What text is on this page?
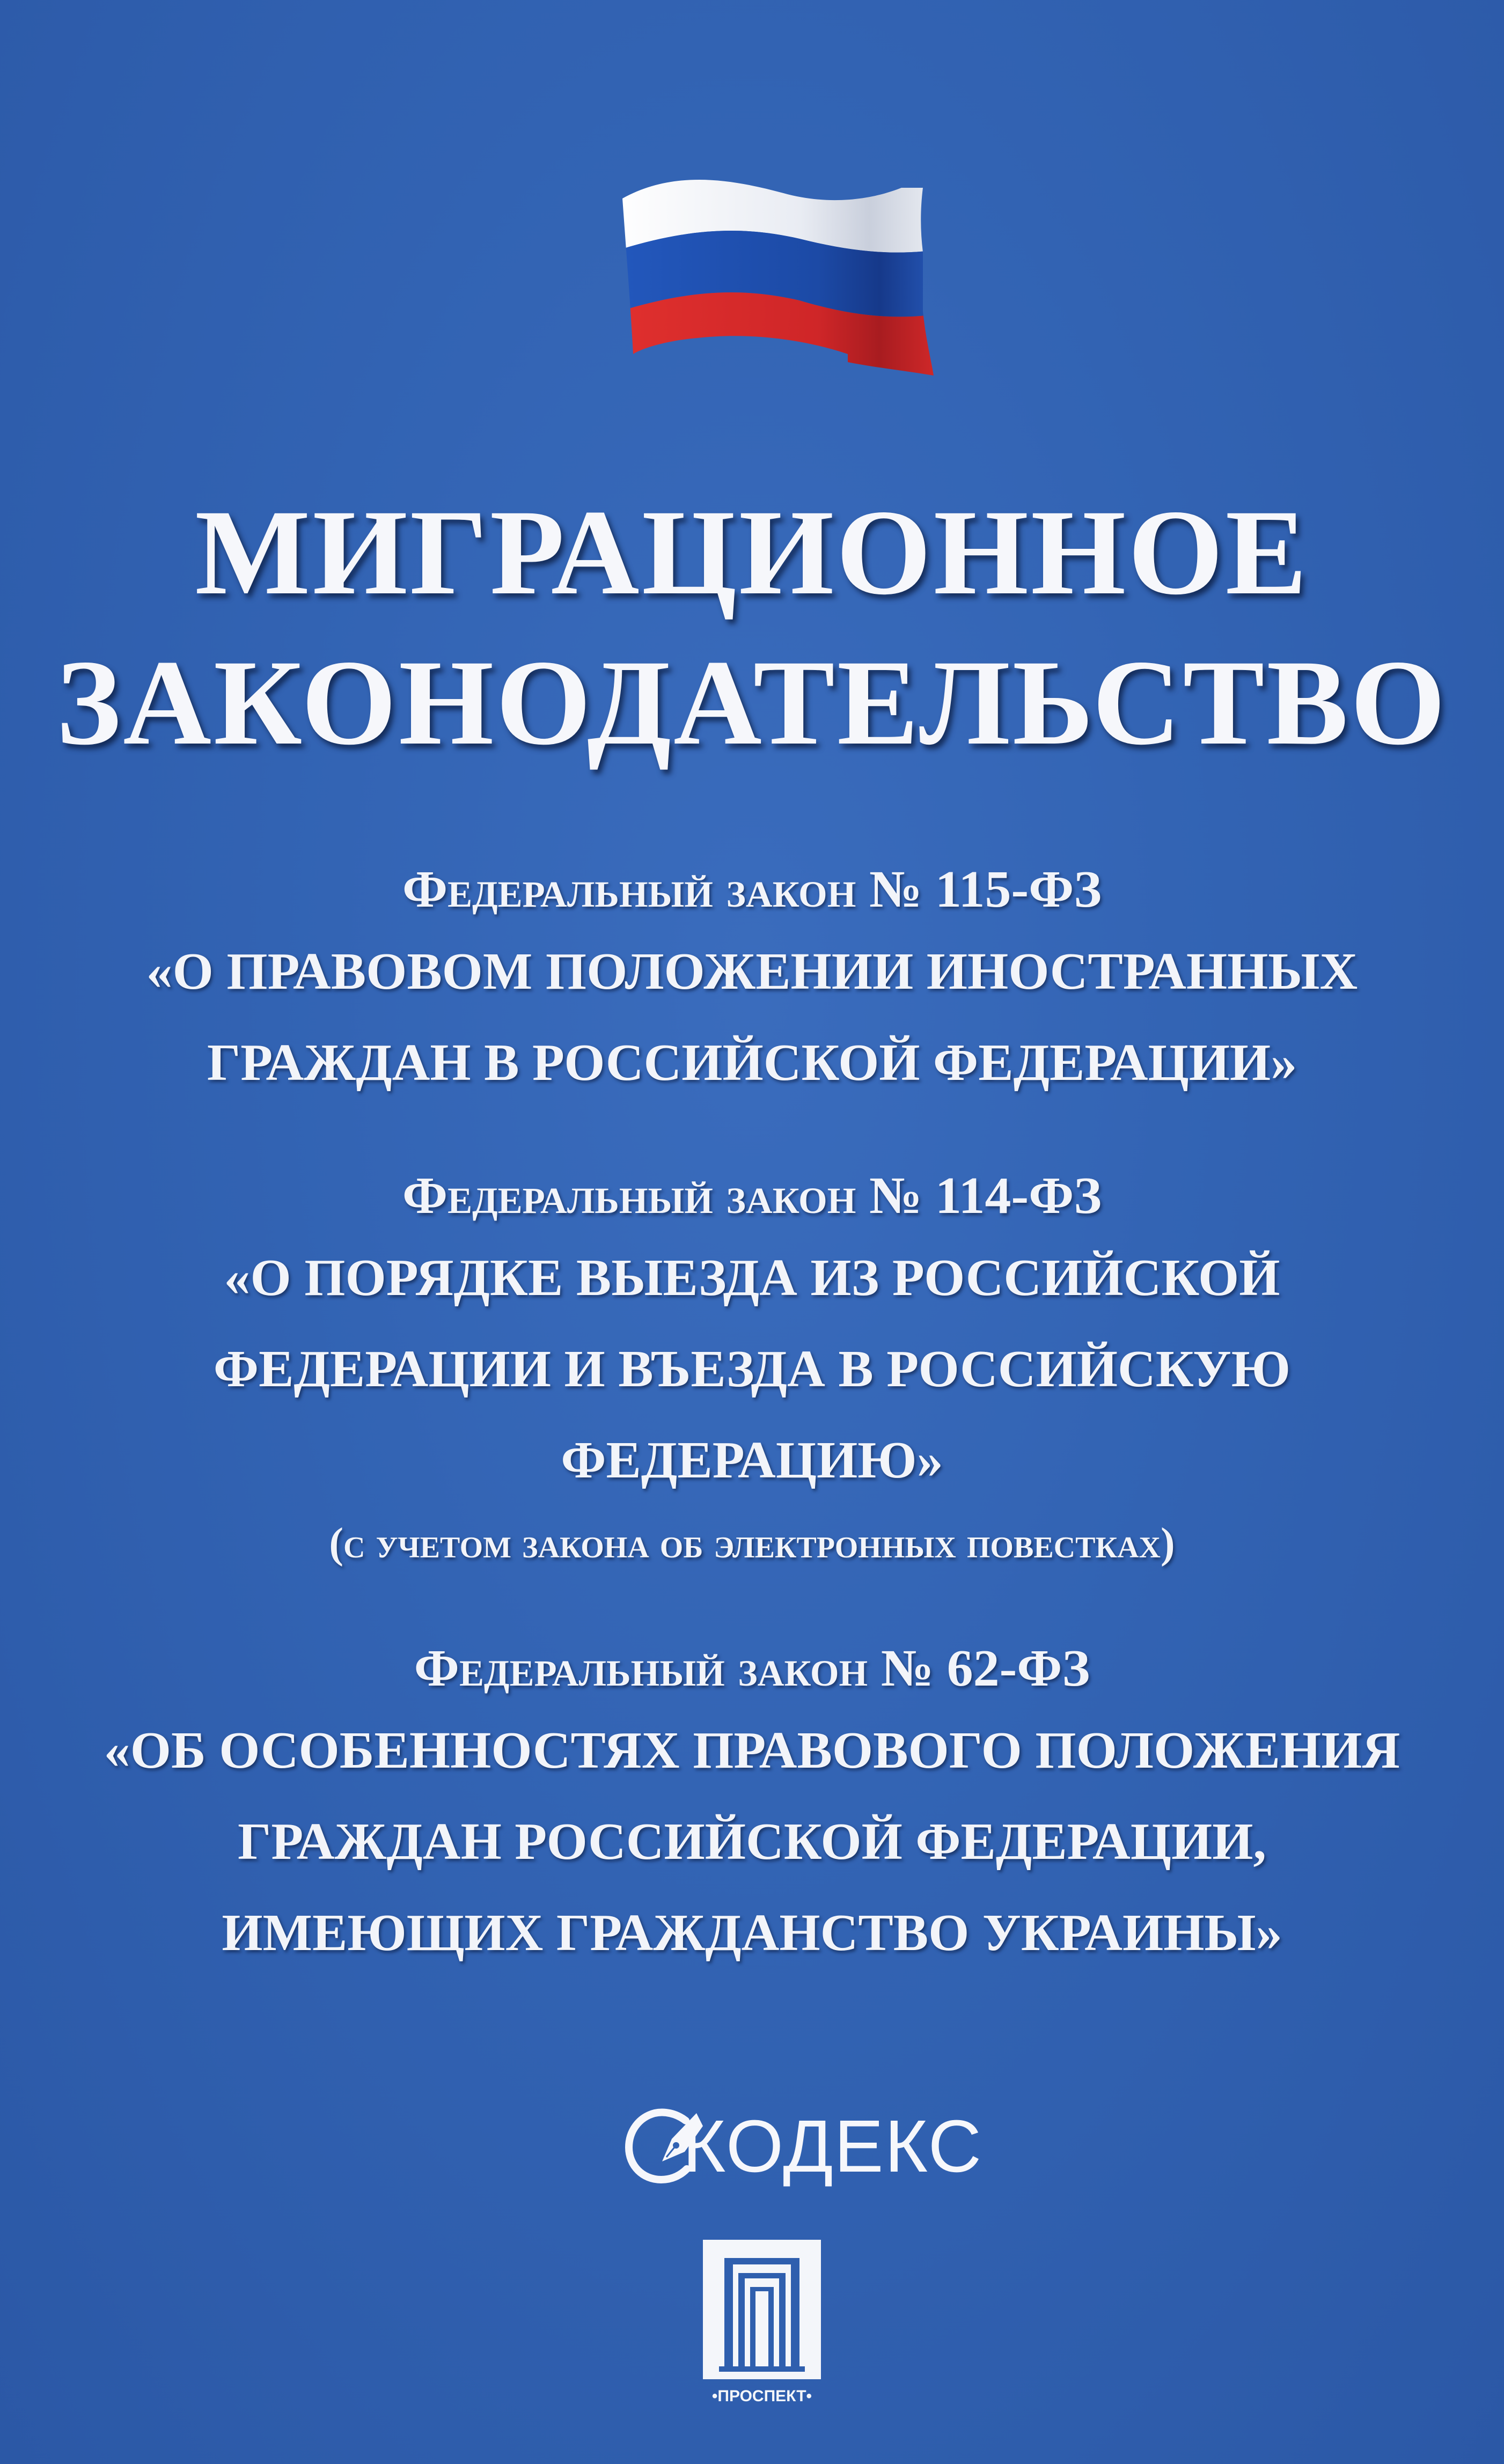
МИГРАЦИОННОЕ
ЗАКОНОДАТЕЛЬСТВО
Федеральный закон № 115-ФЗ
«О ПРАВОВОМ ПОЛОЖЕНИИ ИНОСТРАННЫХ
ГРАЖДАН В РОССИЙСКОЙ ФЕДЕРАЦИИ»
Федеральный закон № 114-ФЗ
«О ПОРЯДКЕ ВЫЕЗДА ИЗ РОССИЙСКОЙ
ФЕДЕРАЦИИ И ВЪЕЗДА В РОССИЙСКУЮ
ФЕДЕРАЦИЮ»
(с учетом закона об электронных повестках)
Федеральный закон № 62-ФЗ
«ОБ ОСОБЕННОСТЯХ ПРАВОВОГО ПОЛОЖЕНИЯ
ГРАЖДАН РОССИЙСКОЙ ФЕДЕРАЦИИ,
ИМЕЮЩИХ ГРАЖДАНСТВО УКРАИНЫ»
КОДЕКС
•ПРОСПЕКТ•
